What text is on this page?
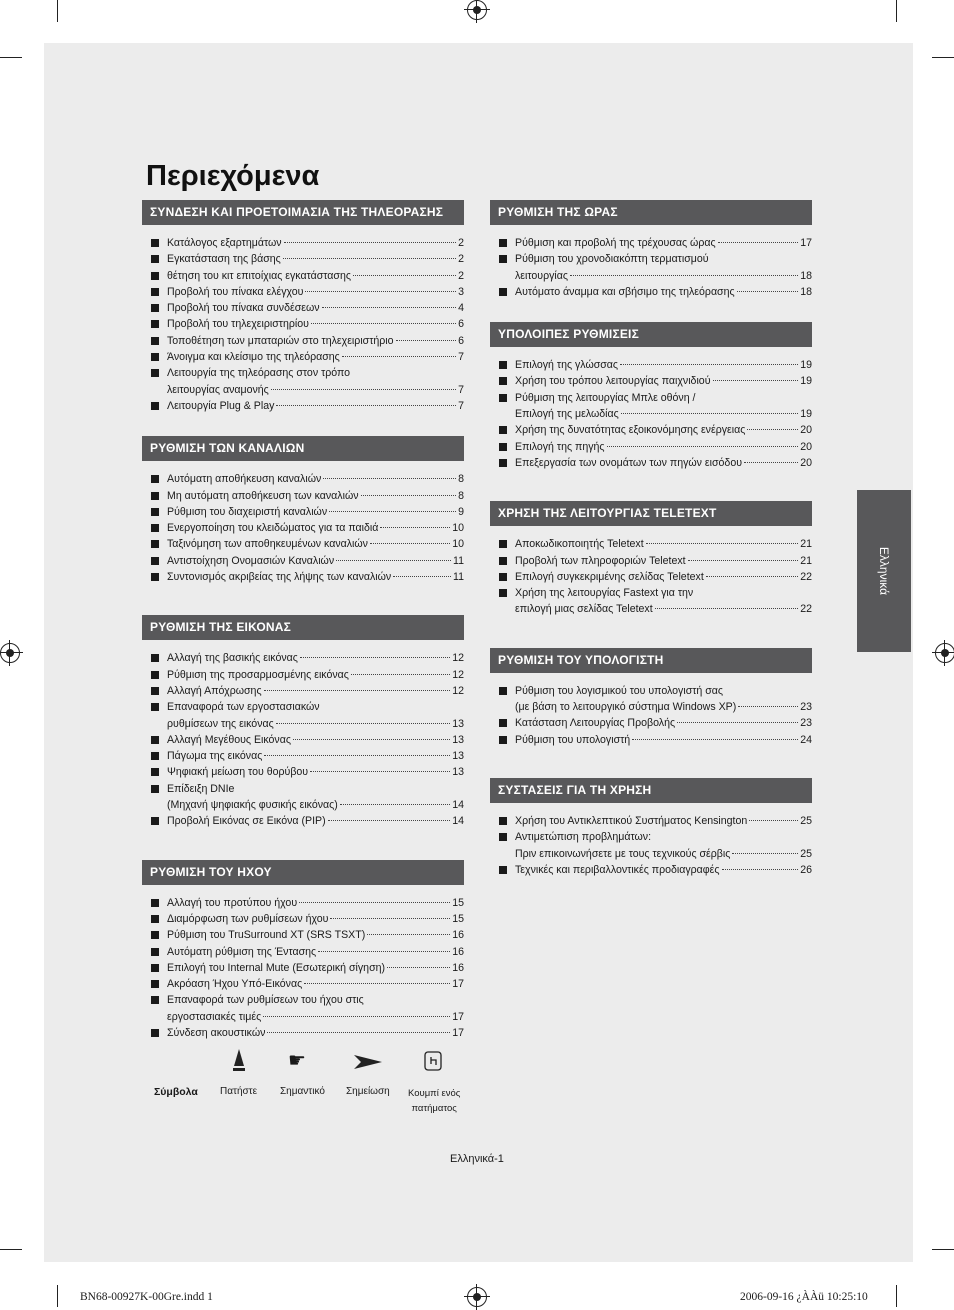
Περιεχόμενα
ΣΥΝΔΕΣΗ ΚΑΙ ΠΡΟΕΤΟΙΜΑΣΙΑ ΤΗΣ ΤΗΛΕΟΡΑΣΗΣ
Κατάλογος εξαρτημάτων	2
Εγκατάσταση της βάσης	2
θέτηση του κιτ επιτοίχιας εγκατάστασης	2
Προβολή του πίνακα ελέγχου	3
Προβολή του πίνακα συνδέσεων	4
Προβολή του τηλεχειριστηρίου	6
Τοποθέτηση των μπαταριών στο τηλεχειριστήριο	6
Άνοιγμα και κλείσιμο της τηλεόρασης	7
Λειτουργία της τηλεόρασης στον τρόπο
λειτουργίας αναμονής	7
Λειτουργία Plug & Play	7
ΡΥΘΜΙΣΗ ΤΩΝ ΚΑΝΑΛΙΩΝ
Αυτόματη αποθήκευση καναλιών	8
Μη αυτόματη αποθήκευση των καναλιών	8
Ρύθμιση του διαχειριστή καναλιών	9
Ενεργοποίηση του κλειδώματος για τα παιδιά	10
Ταξινόμηση των αποθηκευμένων καναλιών	10
Αντιστοίχηση Ονομασιών Καναλιών	11
Συντονισμός ακριβείας της λήψης των καναλιών	11
ΡΥΘΜΙΣΗ ΤΗΣ ΕΙΚΟΝΑΣ
Αλλαγή της βασικής εικόνας	12
Ρύθμιση της προσαρμοσμένης εικόνας	12
Αλλαγή Απόχρωσης	12
Επαναφορά των εργοστασιακών
ρυθμίσεων της εικόνας	13
Αλλαγή Μεγέθους Εικόνας	13
Πάγωμα της εικόνας	13
Ψηφιακή μείωση του θορύβου	13
Επίδειξη DNIe
(Μηχανή ψηφιακής φυσικής εικόνας)	14
Προβολή Εικόνας σε Εικόνα (PIP)	14
ΡΥΘΜΙΣΗ ΤΟΥ ΗΧΟΥ
Αλλαγή του προτύπου ήχου	15
Διαμόρφωση των ρυθμίσεων ήχου	15
Ρύθμιση του TruSurround XT (SRS TSXT)	16
Αυτόματη ρύθμιση της Έντασης	16
Επιλογή του Internal Mute (Εσωτερική σίγηση)	16
Ακρόαση Ήχου Υπό-Εικόνας	17
Επαναφορά των ρυθμίσεων του ήχου στις
εργοστασιακές τιμές	17
Σύνδεση ακουστικών	17
ΡΥΘΜΙΣΗ ΤΗΣ ΩΡΑΣ
Ρύθμιση και προβολή της τρέχουσας ώρας	17
Ρύθμιση του χρονοδιακόπτη τερματισμού
λειτουργίας	18
Αυτόματο άναμμα και σβήσιμο της τηλεόρασης	18
ΥΠΟΛΟΙΠΕΣ ΡΥΘΜΙΣΕΙΣ
Επιλογή της γλώσσας	19
Χρήση του τρόπου λειτουργίας παιχνιδιού	19
Ρύθμιση της λειτουργίας Μπλε οθόνη /
Επιλογή της μελωδίας	19
Χρήση της δυνατότητας εξοικονόμησης ενέργειας	20
Επιλογή της πηγής	20
Επεξεργασία των ονομάτων των πηγών εισόδου	20
ΧΡΗΣΗ ΤΗΣ ΛΕΙΤΟΥΡΓΙΑΣ TELETEXT
Αποκωδικοποιητής Teletext	21
Προβολή των πληροφοριών Teletext	21
Επιλογή συγκεκριμένης σελίδας Teletext	22
Χρήση της λειτουργίας Fastext για την
επιλογή μιας σελίδας Teletext	22
ΡΥΘΜΙΣΗ ΤΟΥ ΥΠΟΛΟΓΙΣΤΗ
Ρύθμιση του λογισμικού του υπολογιστή σας
(με βάση το λειτουργικό σύστημα Windows XP)	23
Κατάσταση Λειτουργίας Προβολής	23
Ρύθμιση του υπολογιστή	24
ΣΥΣΤΑΣΕΙΣ ΓΙΑ ΤΗ ΧΡΗΣΗ
Χρήση του Αντικλεπτικού Συστήματος Kensington	25
Αντιμετώπιση προβλημάτων:
Πριν επικοινωνήσετε με τους τεχνικούς σέρβις	25
Τεχνικές και περιβαλλοντικές προδιαγραφές	26
Ελληνικά
Σύμβολα Πατήστε
☛
Σημαντικό Σημείωση Κουμπί ενός
πατήματος
Ελληνικά-1
BN68-00927K-00Gre.indd 1	2006-09-16 ¿ÀÀü 10:25:10
